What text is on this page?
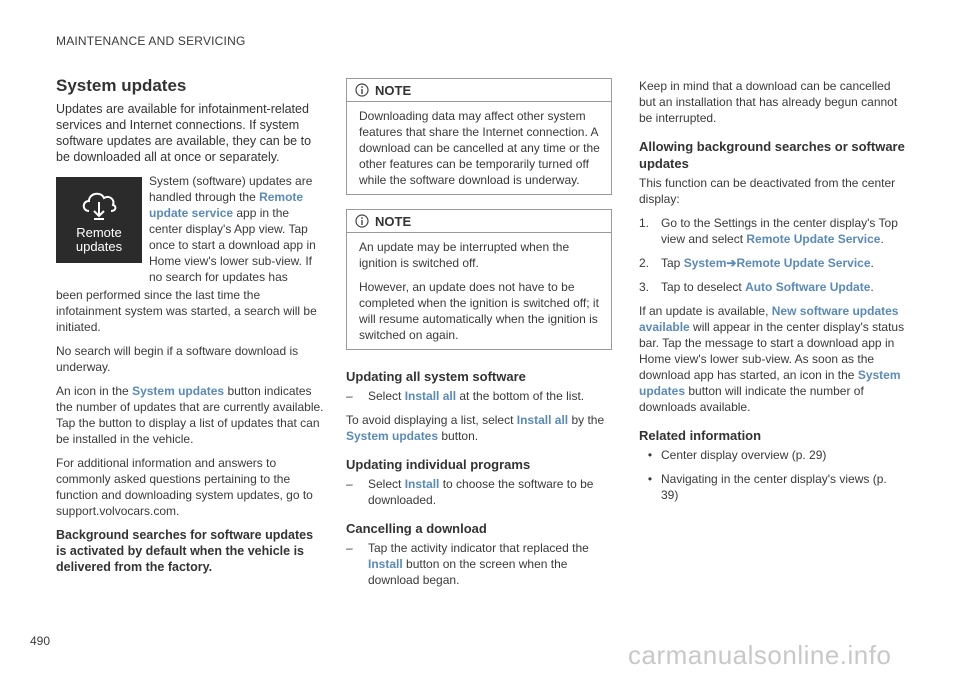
MAINTENANCE AND SERVICING
System updates

Updates are available for infotainment-related services and Internet connections. If system software updates are available, they can be to be downloaded all at once or separately.

Remote updates

System (software) updates are handled through the Remote update service app in the center display's App view. Tap once to start a download app in Home view's lower sub-view. If no search for updates has

been performed since the last time the infotainment system was started, a search will be initiated.

No search will begin if a software download is underway.

An icon in the System updates button indicates the number of updates that are currently available. Tap the button to display a list of updates that can be installed in the vehicle.

For additional information and answers to commonly asked questions pertaining to the function and downloading system updates, go to support.volvocars.com.

Background searches for software updates is activated by default when the vehicle is delivered from the factory.

NOTE

Downloading data may affect other system features that share the Internet connection. A download can be cancelled at any time or the other features can be temporarily turned off while the software download is underway.

NOTE

An update may be interrupted when the ignition is switched off.

However, an update does not have to be completed when the ignition is switched off; it will resume automatically when the ignition is switched on again.

Updating all system software
–	Select Install all at the bottom of the list.

To avoid displaying a list, select Install all by the System updates button.

Updating individual programs
–	Select Install to choose the software to be downloaded.
Cancelling a download
–	Tap the activity indicator that replaced the Install button on the screen when the download began.

Keep in mind that a download can be cancelled but an installation that has already begun cannot be interrupted.

Allowing background searches or software updates

This function can be deactivated from the center display:

1. Go to the Settings in the center display's Top view and select Remote Update Service.
2. Tap System➔Remote Update Service.
3. Tap to deselect Auto Software Update.

If an update is available, New software updates available will appear in the center display's status bar. Tap the message to start a download app in Home view's lower sub-view. As soon as the download app has started, an icon in the System updates button will indicate the number of downloads available.

Related information
• Center display overview (p. 29)
• Navigating in the center display's views (p. 39)
490	carmanualsonline.info
